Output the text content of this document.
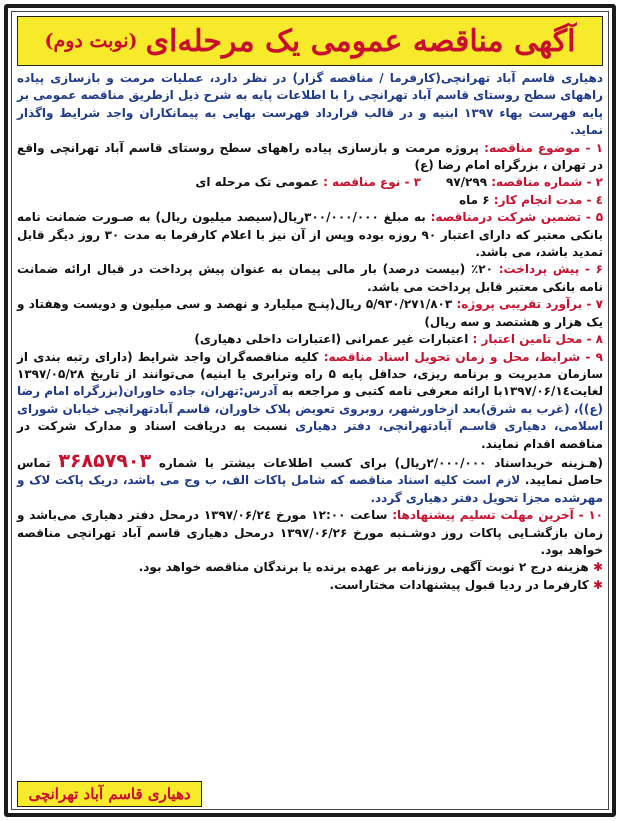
آگهی مناقصه عمومی یک مرحله‌ای
(نوبت دوم)

دهیاری قاسم آباد تهرانچی(کارفرما / مناقصه گزار) در نظر دارد، عملیات مرمت و بازسازی پیاده راههای سطح روستای قاسم آباد تهرانچی را با اطلاعات پایه به شرح ذیل ازطریق مناقصه عمومی بر پایه فهرست بهاء ۱۳۹۷ ابنیه و در قالب قرارداد فهرست بهایی به پیمانکاران واجد شرایط واگذار نماید.

۱ - موضوع مناقصه: پروژه مرمت و بازسازی پیاده راههای سطح روستای قاسم آباد تهرانچی واقع در تهران ، بزرگراه امام رضا (ع)

۲ - شماره مناقصه: ۹۷/۲۹۹      ۳ - نوع مناقصه : عمومی تک مرحله ای

٤ - مدت انجام کار: ۶ ماه

۵ - تضمین شرکت درمناقصه: به مبلغ ۳۰۰/۰۰۰/۰۰۰ریال(سیصد میلیون ریال) به صـورت ضمانت نامه بانکی معتبر که دارای اعتبار ۹۰ روزه بوده وپس از آن نیز با اعلام کارفرما به مدت ۳۰ روز دیگر قابل تمدید باشد، می باشد.

۶ - پیش پرداخت: ۲۰٪ (بیست درصد) بار مالی پیمان به عنوان پیش پرداخت در قبال ارائه ضمانت نامه بانکی معتبر قابل پرداخت می باشد.

۷ - برآورد تقریبی پروژه: ۵/۹۳۰/۲۷۱/۸۰۳ ریال(پنـج میلیارد و نهصد و سی میلیون و دویست وهفتاد و یک هزار و هشتصد و سه ریال)

۸ - محل تامین اعتبار : اعتبارات غیر عمرانی (اعتبارات داخلی دهیاری)

۹ - شرایط، محل و زمان تحویل اسناد مناقصه: کلیه مناقصه‌گران واجد شرایط (دارای رتبه بندی از سازمان مدیریت و برنامه ریزی، حداقل پایه ۵ راه وترابری یا ابنیه) می‌توانند از تاریخ ۱۳۹۷/۰۵/۲۸ لغایت۱۳۹۷/۰۶/۱٤با ارائه معرفی نامه کتبی و مراجعه به آدرس:تهران، جاده خاوران(بزرگراه امام رضا (ع))، (غرب به شرق)بعد ازخاورشهر، روبروی تعویض پلاک خاوران، قاسم آبادتهرانچی خیابان شورای اسلامی، دهیاری قاسـم آبادتهرانچی، دفتر دهیاری نسبت به دریافت اسناد و مدارک شرکت در مناقصه اقدام نمایند.

(هـزینه خریداسناد ۲/۰۰۰/۰۰۰ریال) برای کسب اطلاعات بیشتر با شماره ۳۶۸۵۷۹۰۳ تماس حاصل نمایید. لازم است کلیه اسناد مناقصه که شامل پاکات الف، ب وج می باشد، دریک پاکت لاک و مهرشده مجزا تحویل دفتر دهیاری گردد.

۱۰ - آخرین مهلت تسلیم پیشنهادها: ساعت ۱۲:۰۰ مورخ ۱۳۹۷/۰۶/۲٤ درمحل دفتر دهیاری می‌باشد و زمان بازگشـایی پاکات روز دوشـنبه مورخ ۱۳۹۷/۰۶/۲۶ درمحل دهیاری قاسم آباد تهرانچی مناقصه خواهد بود.

✱ هزینه درج ۲ نوبت آگهی روزنامه بر عهده برنده یا برندگان مناقصه خواهد بود.

✱ کارفرما در ردیا قبول پیشنهادات مختاراست.

دهیاری قاسم آباد تهرانچی
